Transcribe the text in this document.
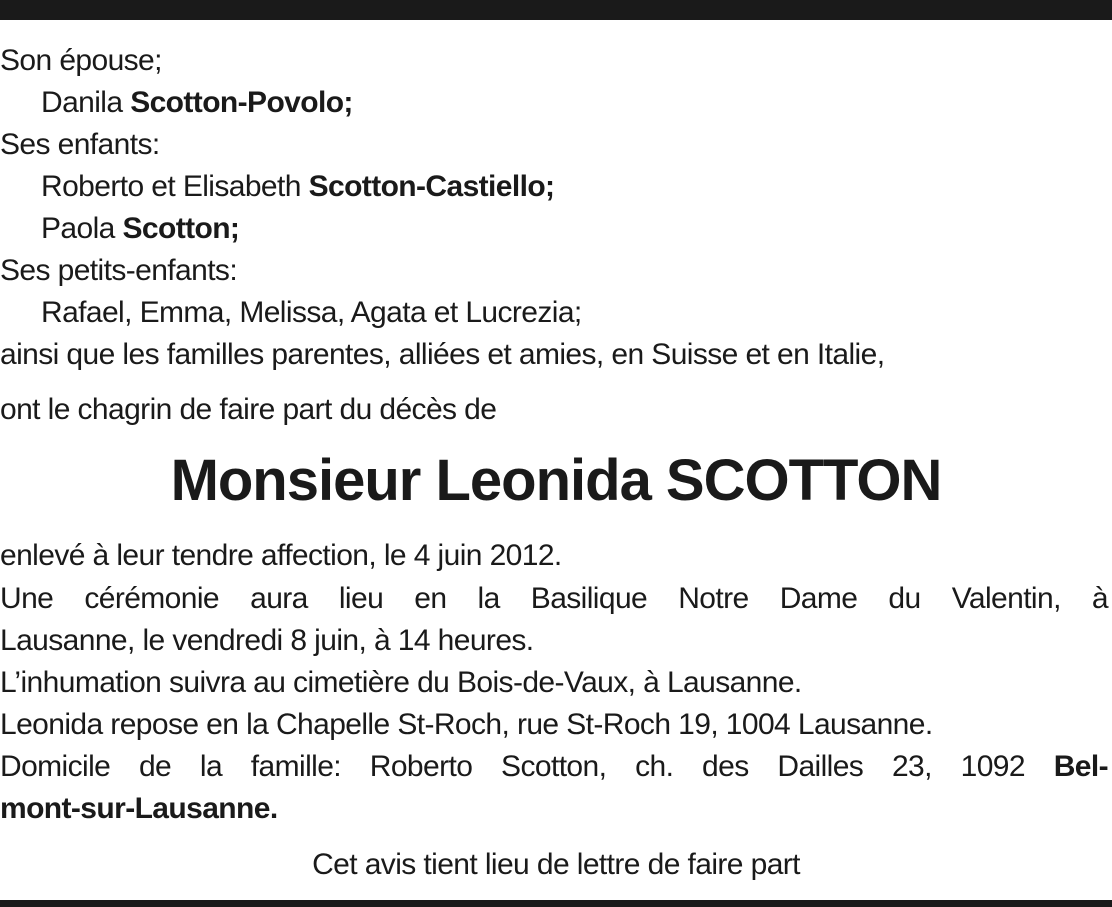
Son épouse;
Danila Scotton-Povolo;
Ses enfants:
Roberto et Elisabeth Scotton-Castiello;
Paola Scotton;
Ses petits-enfants:
Rafael, Emma, Melissa, Agata et Lucrezia;
ainsi que les familles parentes, alliées et amies, en Suisse et en Italie,
ont le chagrin de faire part du décès de
Monsieur Leonida SCOTTON
enlevé à leur tendre affection, le 4 juin 2012.
Une cérémonie aura lieu en la Basilique Notre Dame du Valentin, à
Lausanne, le vendredi 8 juin, à 14 heures.
L’inhumation suivra au cimetière du Bois-de-Vaux, à Lausanne.
Leonida repose en la Chapelle St-Roch, rue St-Roch 19, 1004 Lausanne.
Domicile de la famille: Roberto Scotton, ch. des Dailles 23, 1092 Bel-
mont-sur-Lausanne.
Cet avis tient lieu de lettre de faire part
